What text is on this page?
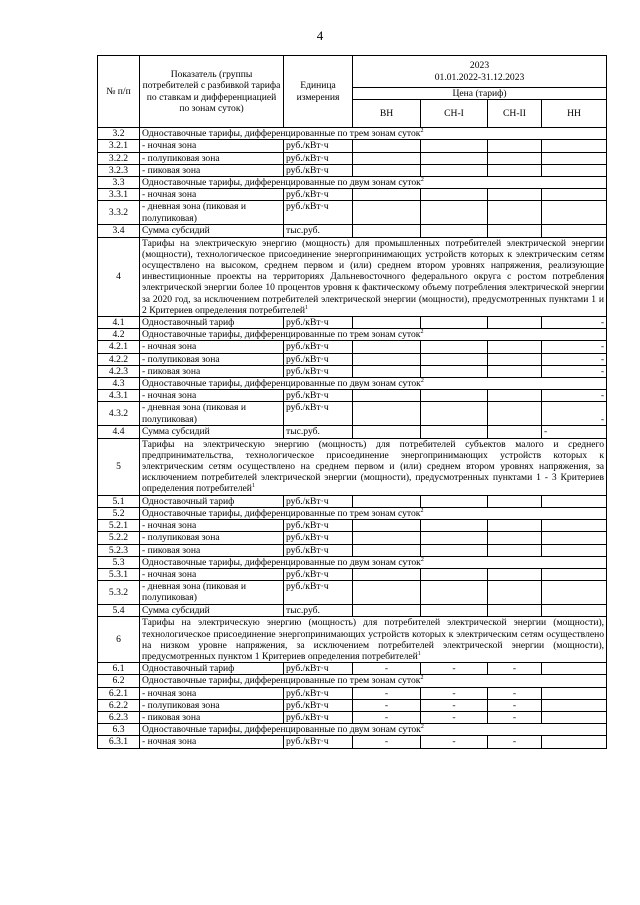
4
№ п/п	Показатель (группы потребителей с разбивкой тарифа по ставкам и дифференциацией по зонам суток)	Единица измерения	2023
01.01.2022-31.12.2023			

			Цена (тариф)			
			ВН	СН-I	СН-II	НН
3.2	Одноставочные тарифы, дифференцированные по трем зонам суток$^2$
3.2.1	- ночная зона	руб./кВт·ч				
3.2.2	- полупиковая зона	руб./кВт·ч				
3.2.3	- пиковая зона	руб./кВт·ч				
3.3	Одноставочные тарифы, дифференцированные по двум зонам суток$^2$
3.3.1	- ночная зона	руб./кВт·ч				
3.3.2	- дневная зона (пиковая и полупиковая)	руб./кВт·ч				
3.4	Сумма субсидий	тыс.руб.				
4	Тарифы на электрическую энергию (мощность) для промышленных потребителей электрической энергии (мощности), технологическое присоединение энергопринимающих устройств которых к электрическим сетям осуществлено на высоком, среднем первом и (или) среднем втором уровнях напряжения, реализующие инвестиционные проекты на территориях Дальневосточного федерального округа с ростом потребления электрической энергии более 10 процентов уровня к фактическому объему потребления электрической энергии за 2020 год, за исключением потребителей электрической энергии (мощности), предусмотренных пунктами 1 и 2 Критериев определения потребителей$^1$
4.1	Одноставочный тариф	руб./кВт·ч				-
4.2	Одноставочные тарифы, дифференцированные по трем зонам суток$^2$
4.2.1	- ночная зона	руб./кВт·ч				-
4.2.2	- полупиковая зона	руб./кВт·ч				-
4.2.3	- пиковая зона	руб./кВт·ч				-
4.3	Одноставочные тарифы, дифференцированные по двум зонам суток$^2$
4.3.1	- ночная зона	руб./кВт·ч				-
4.3.2	- дневная зона (пиковая и полупиковая)	руб./кВт·ч				-
4.4	Сумма субсидий	тыс.руб.				-
5	Тарифы на электрическую энергию (мощность) для потребителей субъектов малого и среднего предпринимательства, технологическое присоединение энергопринимающих устройств которых к электрическим сетям осуществлено на среднем первом и (или) среднем втором уровнях напряжения, за исключением потребителей электрической энергии (мощности), предусмотренных пунктами 1 - 3 Критериев определения потребителей$^1$
5.1	Одноставочный тариф	руб./кВт·ч				
5.2	Одноставочные тарифы, дифференцированные по трем зонам суток$^2$
5.2.1	- ночная зона	руб./кВт·ч				
5.2.2	- полупиковая зона	руб./кВт·ч				
5.2.3	- пиковая зона	руб./кВт·ч				
5.3	Одноставочные тарифы, дифференцированные по двум зонам суток$^2$
5.3.1	- ночная зона	руб./кВт·ч				
5.3.2	- дневная зона (пиковая и полупиковая)	руб./кВт·ч				
5.4	Сумма субсидий	тыс.руб.				
6	Тарифы на электрическую энергию (мощность) для потребителей электрической энергии (мощности), технологическое присоединение энергопринимающих устройств которых к электрическим сетям осуществлено на низком уровне напряжения, за исключением потребителей электрической энергии (мощности), предусмотренных пунктом 1 Критериев определения потребителей$^1$
6.1	Одноставочный тариф	руб./кВт·ч	-	-	-	
6.2	Одноставочные тарифы, дифференцированные по трем зонам суток$^2$
6.2.1	- ночная зона	руб./кВт·ч	-	-	-	
6.2.2	- полупиковая зона	руб./кВт·ч	-	-	-	
6.2.3	- пиковая зона	руб./кВт·ч	-	-	-	
6.3	Одноставочные тарифы, дифференцированные по двум зонам суток$^2$
6.3.1	- ночная зона	руб./кВт·ч	-	-	-	
